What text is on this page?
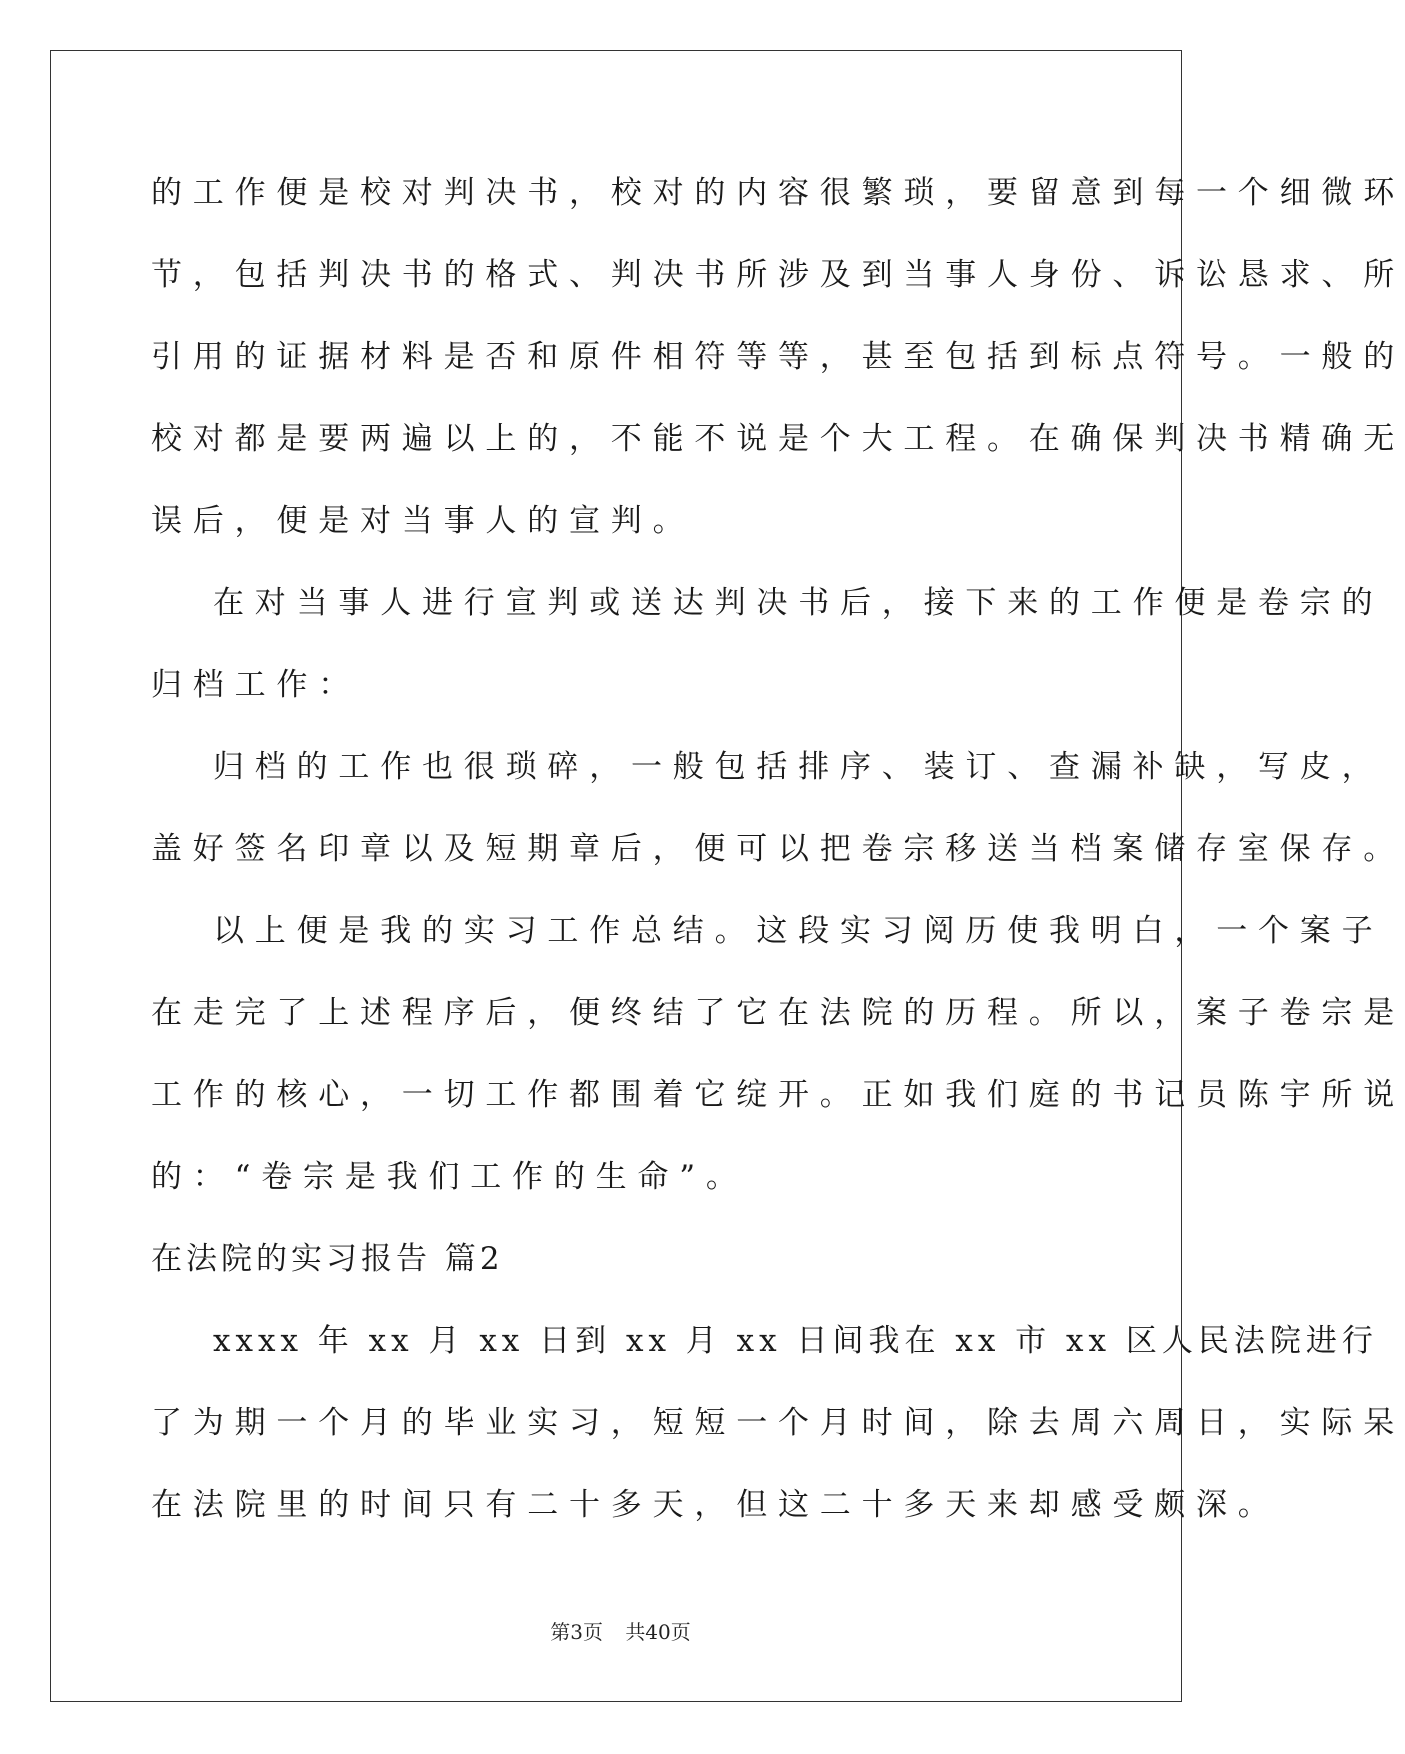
的工作便是校对判决书，校对的内容很繁琐，要留意到每一个细微环

节，包括判决书的格式、判决书所涉及到当事人身份、诉讼恳求、所

引用的证据材料是否和原件相符等等，甚至包括到标点符号。一般的

校对都是要两遍以上的，不能不说是个大工程。在确保判决书精确无

误后，便是对当事人的宣判。

在对当事人进行宣判或送达判决书后，接下来的工作便是卷宗的

归档工作：

归档的工作也很琐碎，一般包括排序、装订、查漏补缺，写皮，

盖好签名印章以及短期章后，便可以把卷宗移送当档案储存室保存。

以上便是我的实习工作总结。这段实习阅历使我明白，一个案子

在走完了上述程序后，便终结了它在法院的历程。所以，案子卷宗是

工作的核心，一切工作都围着它绽开。正如我们庭的书记员陈宇所说

的：“卷宗是我们工作的生命”。

在法院的实习报告 篇2

xxxx 年 xx 月 xx 日到 xx 月 xx 日间我在 xx 市 xx 区人民法院进行

了为期一个月的毕业实习，短短一个月时间，除去周六周日，实际呆

在法院里的时间只有二十多天，但这二十多天来却感受颇深。

第3页 共40页
